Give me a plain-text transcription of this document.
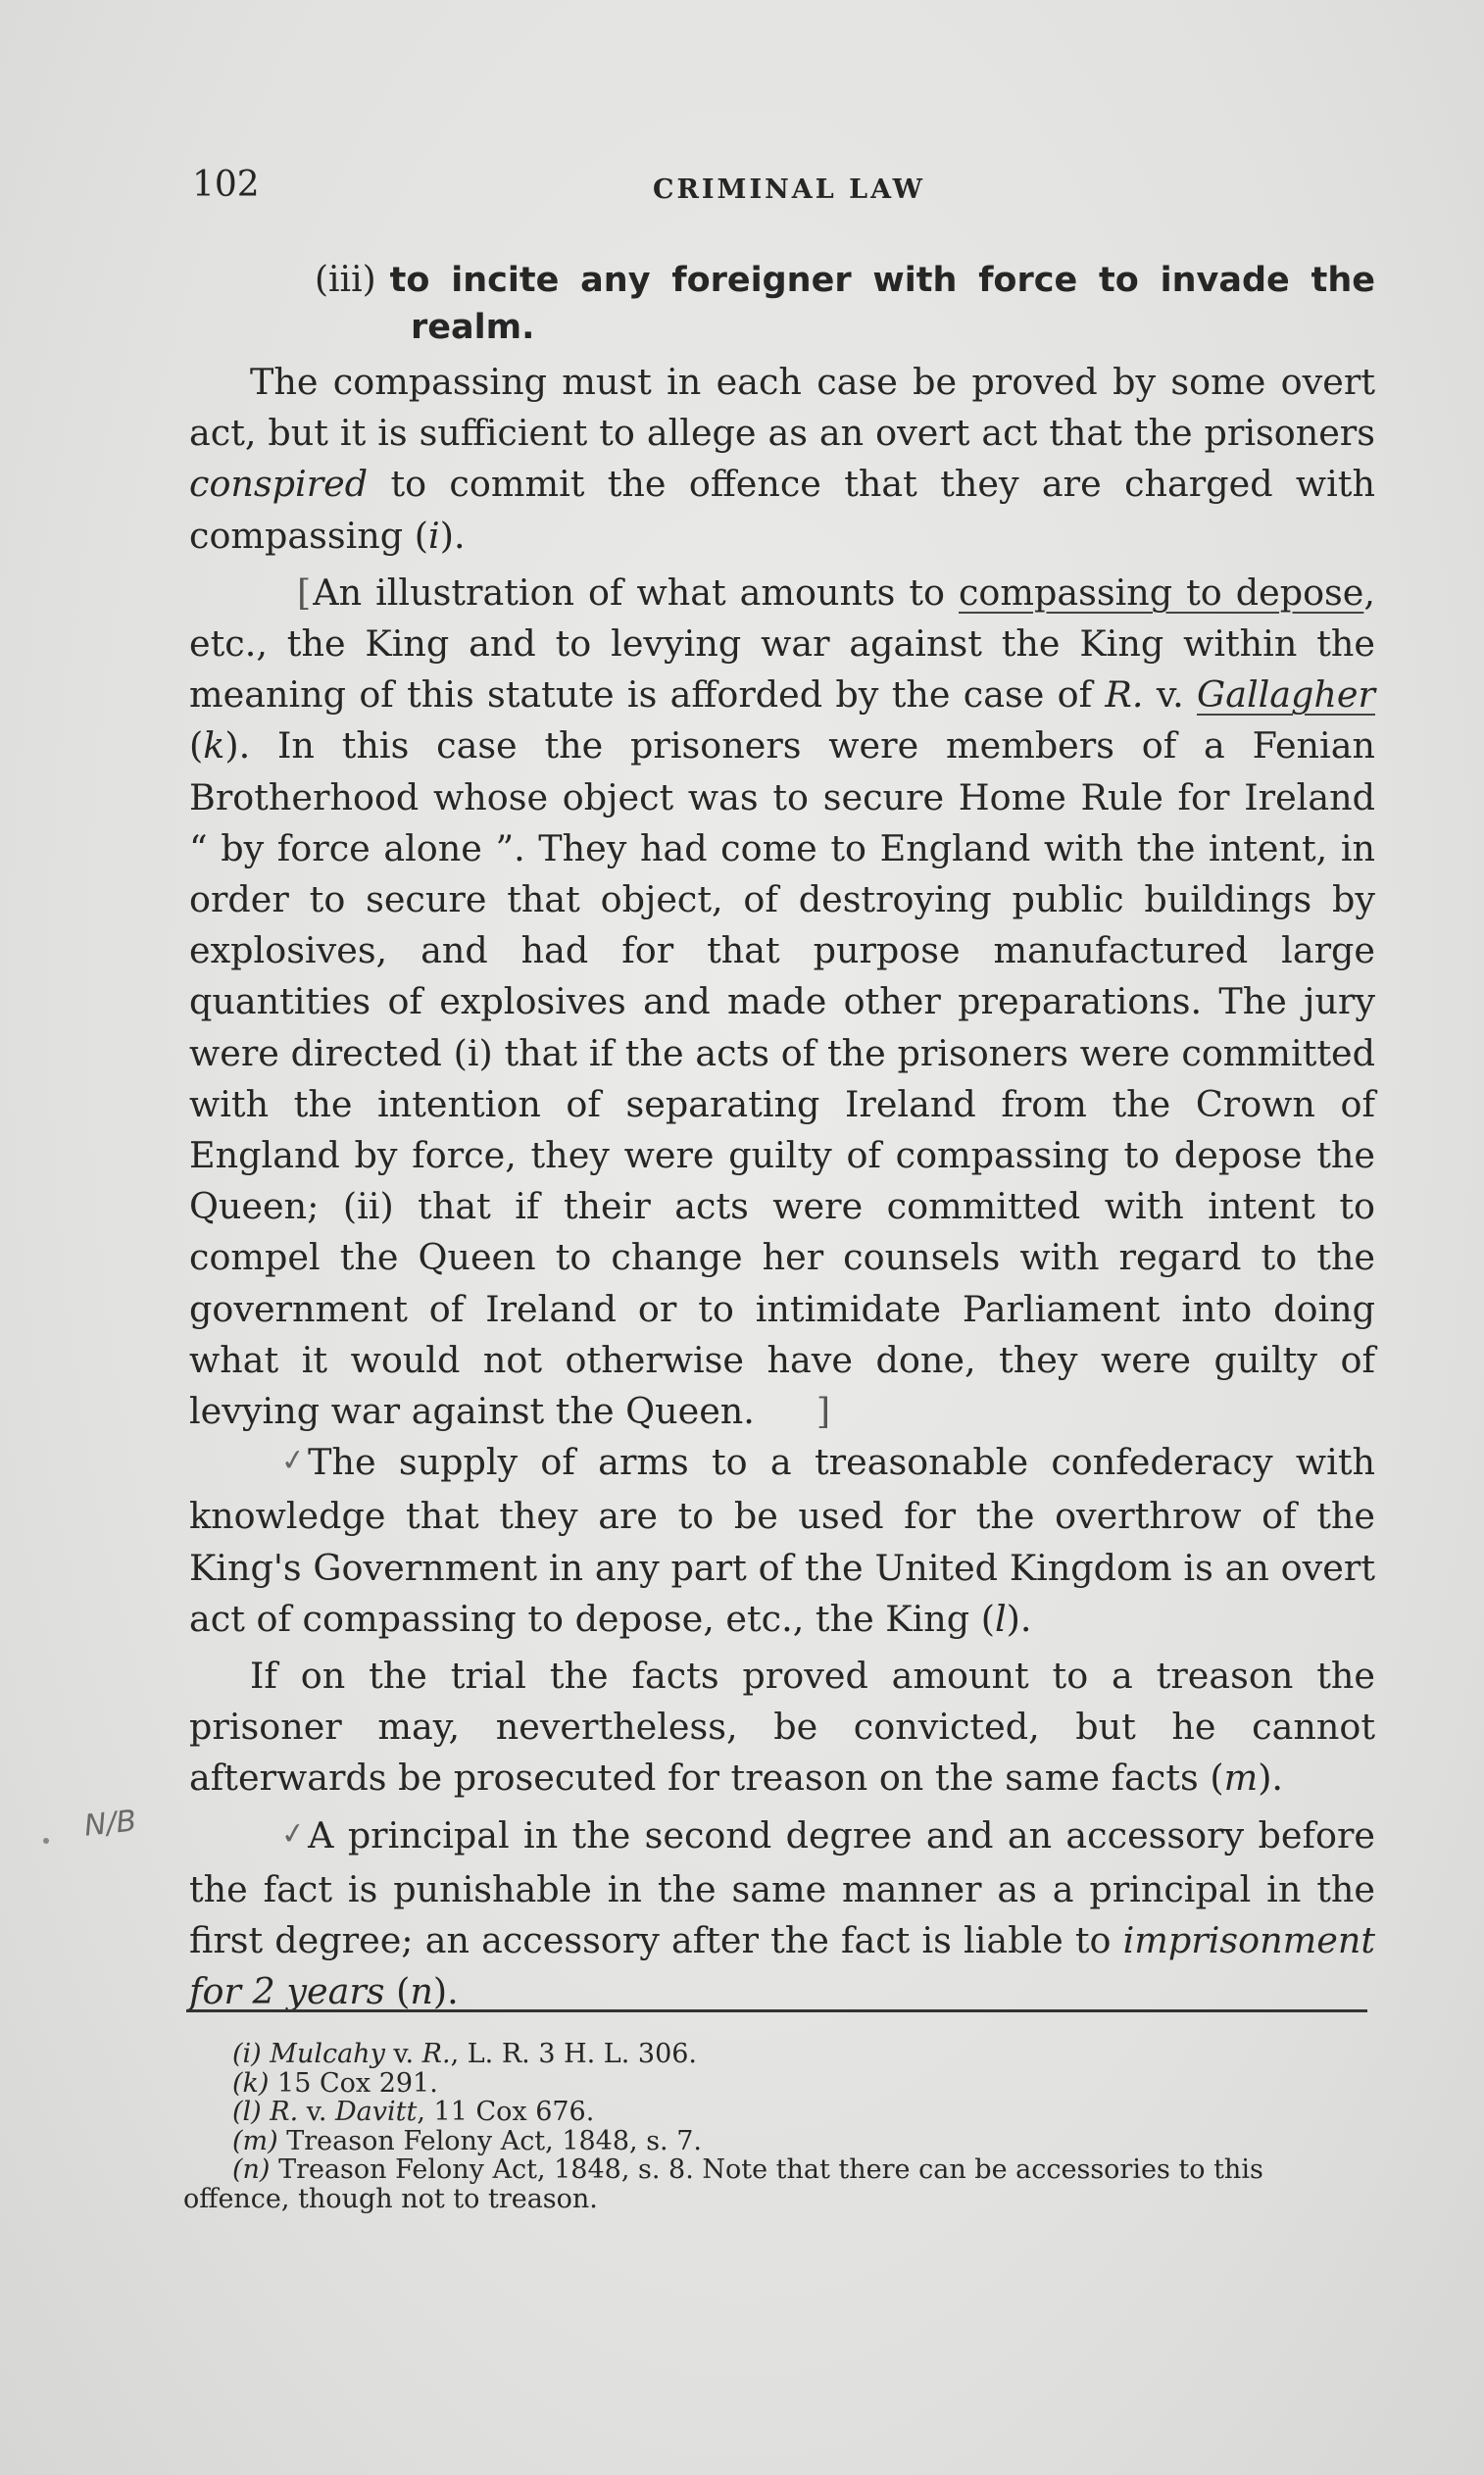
102	CRIMINAL LAW
(iii) to incite any foreigner with force to invade the realm.

The compassing must in each case be proved by some overt act, but it is sufficient to allege as an overt act that the prisoners conspired to commit the offence that they are charged with compassing (i).

[An illustration of what amounts to compassing to depose, etc., the King and to levying war against the King within the meaning of this statute is afforded by the case of R. v. Gallagher (k). In this case the prisoners were members of a Fenian Brotherhood whose object was to secure Home Rule for Ireland “ by force alone ”. They had come to England with the intent, in order to secure that object, of destroying public buildings by explosives, and had for that purpose manufactured large quantities of explosives and made other preparations. The jury were directed (i) that if the acts of the prisoners were committed with the intention of separating Ireland from the Crown of England by force, they were guilty of compassing to depose the Queen; (ii) that if their acts were committed with intent to compel the Queen to change her counsels with regard to the government of Ireland or to intimidate Parliament into doing what it would not otherwise have done, they were guilty of levying war against the Queen. ]

✓The supply of arms to a treasonable confederacy with knowledge that they are to be used for the overthrow of the King's Government in any part of the United Kingdom is an overt act of compassing to depose, etc., the King (l).

If on the trial the facts proved amount to a treason the prisoner may, nevertheless, be convicted, but he cannot afterwards be prosecuted for treason on the same facts (m).

✓A principal in the second degree and an accessory before the fact is punishable in the same manner as a principal in the first degree; an accessory after the fact is liable to imprisonment for 2 years (n).

N/B

(i) Mulcahy v. R., L. R. 3 H. L. 306.

(k) 15 Cox 291.

(l) R. v. Davitt, 11 Cox 676.

(m) Treason Felony Act, 1848, s. 7.

(n) Treason Felony Act, 1848, s. 8. Note that there can be accessories to this offence, though not to treason.
